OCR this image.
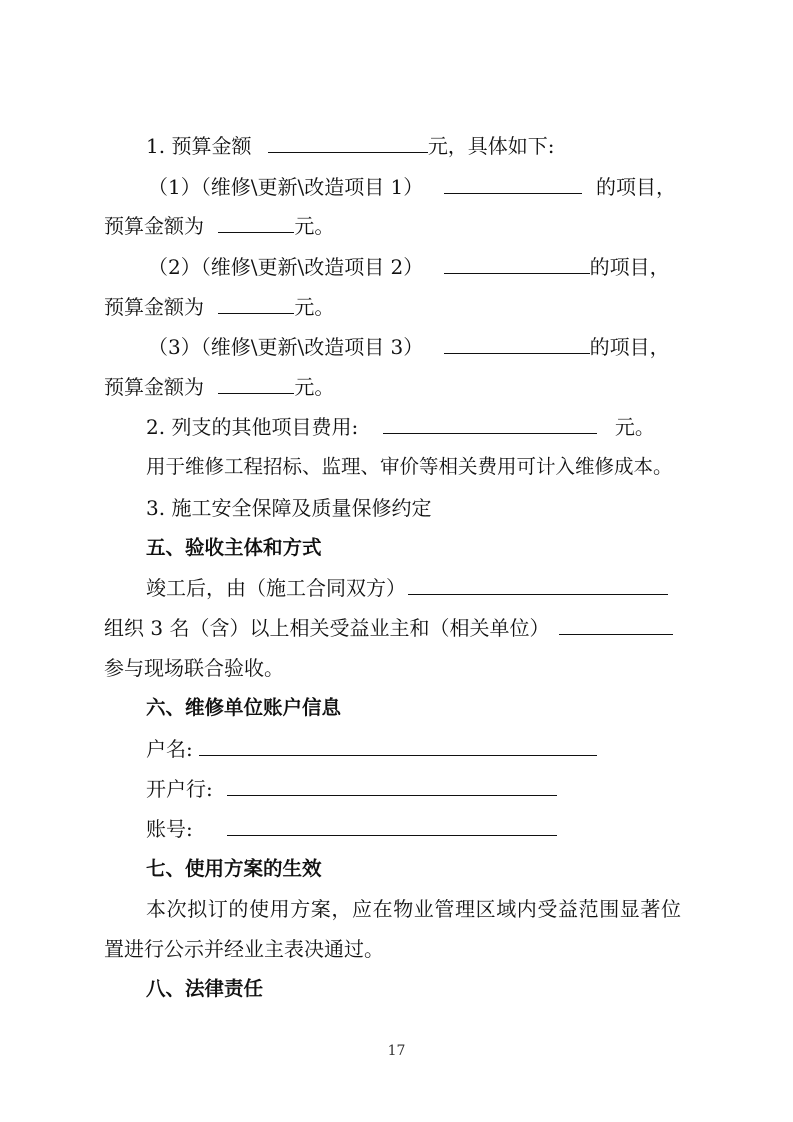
1. 预算金额	元，具体如下:
（1）（维修\更新\改造项目 1）	的项目，
预算金额为	元。
（2）（维修\更新\改造项目 2）	的项目，
预算金额为	元。
（3）（维修\更新\改造项目 3）	的项目，
预算金额为	元。
2. 列支的其他项目费用:	元。
用于维修工程招标、监理、审价等相关费用可计入维修成本。
3. 施工安全保障及质量保修约定
五、验收主体和方式
竣工后，由（施工合同双方）
组织 3 名（含）以上相关受益业主和（相关单位）
参与现场联合验收。
六、维修单位账户信息
户名:
开户行:
账号:
七、使用方案的生效
本次拟订的使用方案，应在物业管理区域内受益范围显著位
置进行公示并经业主表决通过。
八、法律责任
17
